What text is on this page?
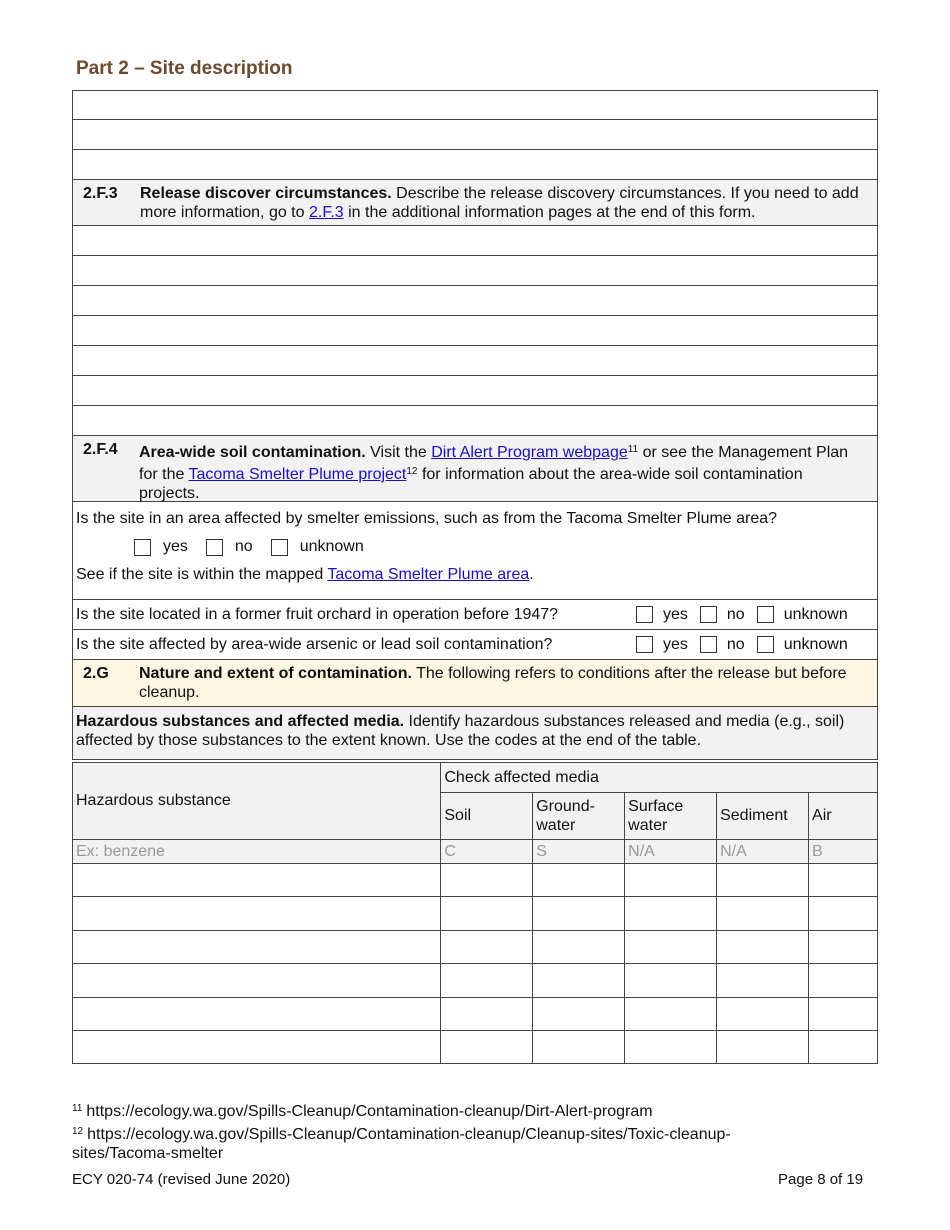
Part 2 – Site description
2.F.3	Release discover circumstances. Describe the release discovery circumstances. If you need to add more information, go to 2.F.3 in the additional information pages at the end of this form.
2.F.4	Area-wide soil contamination. Visit the Dirt Alert Program webpage$^{11}$ or see the Management Plan for the Tacoma Smelter Plume project$^{12}$ for information about the area-wide soil contamination projects.
Is the site in an area affected by smelter emissions, such as from the Tacoma Smelter Plume area?
yes	no	unknown
See if the site is within the mapped Tacoma Smelter Plume area.
Is the site located in a former fruit orchard in operation before 1947?	yes no unknown
Is the site affected by area-wide arsenic or lead soil contamination?	yes no unknown
2.G	Nature and extent of contamination. The following refers to conditions after the release but before cleanup.
Hazardous substances and affected media. Identify hazardous substances released and media (e.g., soil) affected by those substances to the extent known. Use the codes at the end of the table.
Hazardous substance	Check affected media				
	Soil	Ground-water	Surface water	Sediment	Air
Ex: benzene	C	S	N/A	N/A	B

$^{11}$ https://ecology.wa.gov/Spills-Cleanup/Contamination-cleanup/Dirt-Alert-program
$^{12}$ https://ecology.wa.gov/Spills-Cleanup/Contamination-cleanup/Cleanup-sites/Toxic-cleanup-sites/Tacoma-smelter
ECY 020-74 (revised June 2020)	Page 8 of 19
